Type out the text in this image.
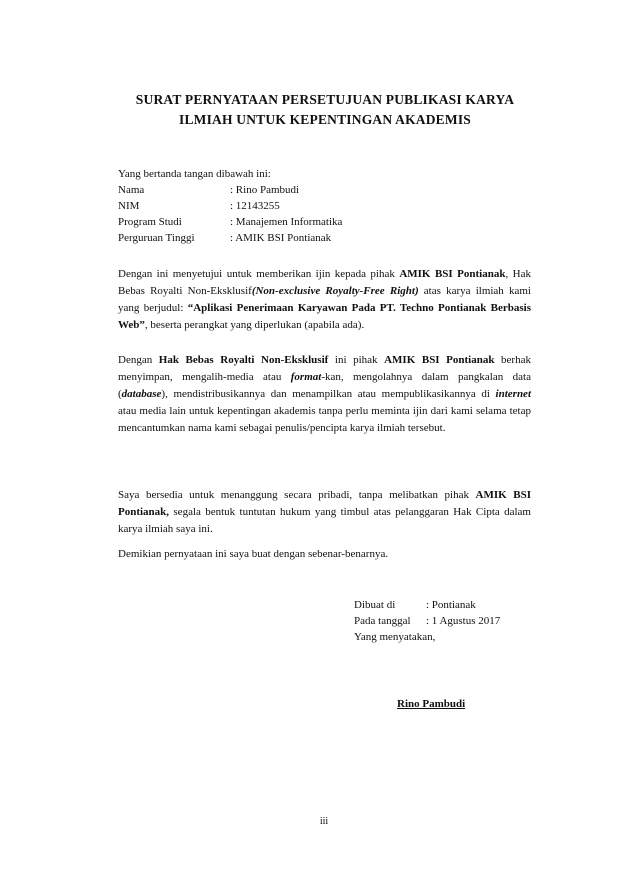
SURAT PERNYATAAN PERSETUJUAN PUBLIKASI KARYA
ILMIAH UNTUK KEPENTINGAN AKADEMIS
Yang bertanda tangan dibawah ini:
Nama	: Rino Pambudi
NIM	: 12143255
Program Studi	: Manajemen Informatika
Perguruan Tinggi	: AMIK BSI Pontianak
Dengan ini menyetujui untuk memberikan ijin kepada pihak AMIK BSI Pontianak, Hak Bebas Royalti Non-Eksklusif(Non-exclusive Royalty-Free Right) atas karya ilmiah kami yang berjudul: “Aplikasi Penerimaan Karyawan Pada PT. Techno Pontianak Berbasis Web”, beserta perangkat yang diperlukan (apabila ada).
Dengan Hak Bebas Royalti Non-Eksklusif ini pihak AMIK BSI Pontianak berhak menyimpan, mengalih-media atau format-kan, mengolahnya dalam pangkalan data (database), mendistribusikannya dan menampilkan atau mempublikasikannya di internet atau media lain untuk kepentingan akademis tanpa perlu meminta ijin dari kami selama tetap mencantumkan nama kami sebagai penulis/pencipta karya ilmiah tersebut.
Saya bersedia untuk menanggung secara pribadi, tanpa melibatkan pihak AMIK BSI Pontianak, segala bentuk tuntutan hukum yang timbul atas pelanggaran Hak Cipta dalam karya ilmiah saya ini.
Demikian pernyataan ini saya buat dengan sebenar-benarnya.
Dibuat di	: Pontianak
Pada tanggal	: 1 Agustus 2017
Yang menyatakan,
Rino Pambudi
iii
